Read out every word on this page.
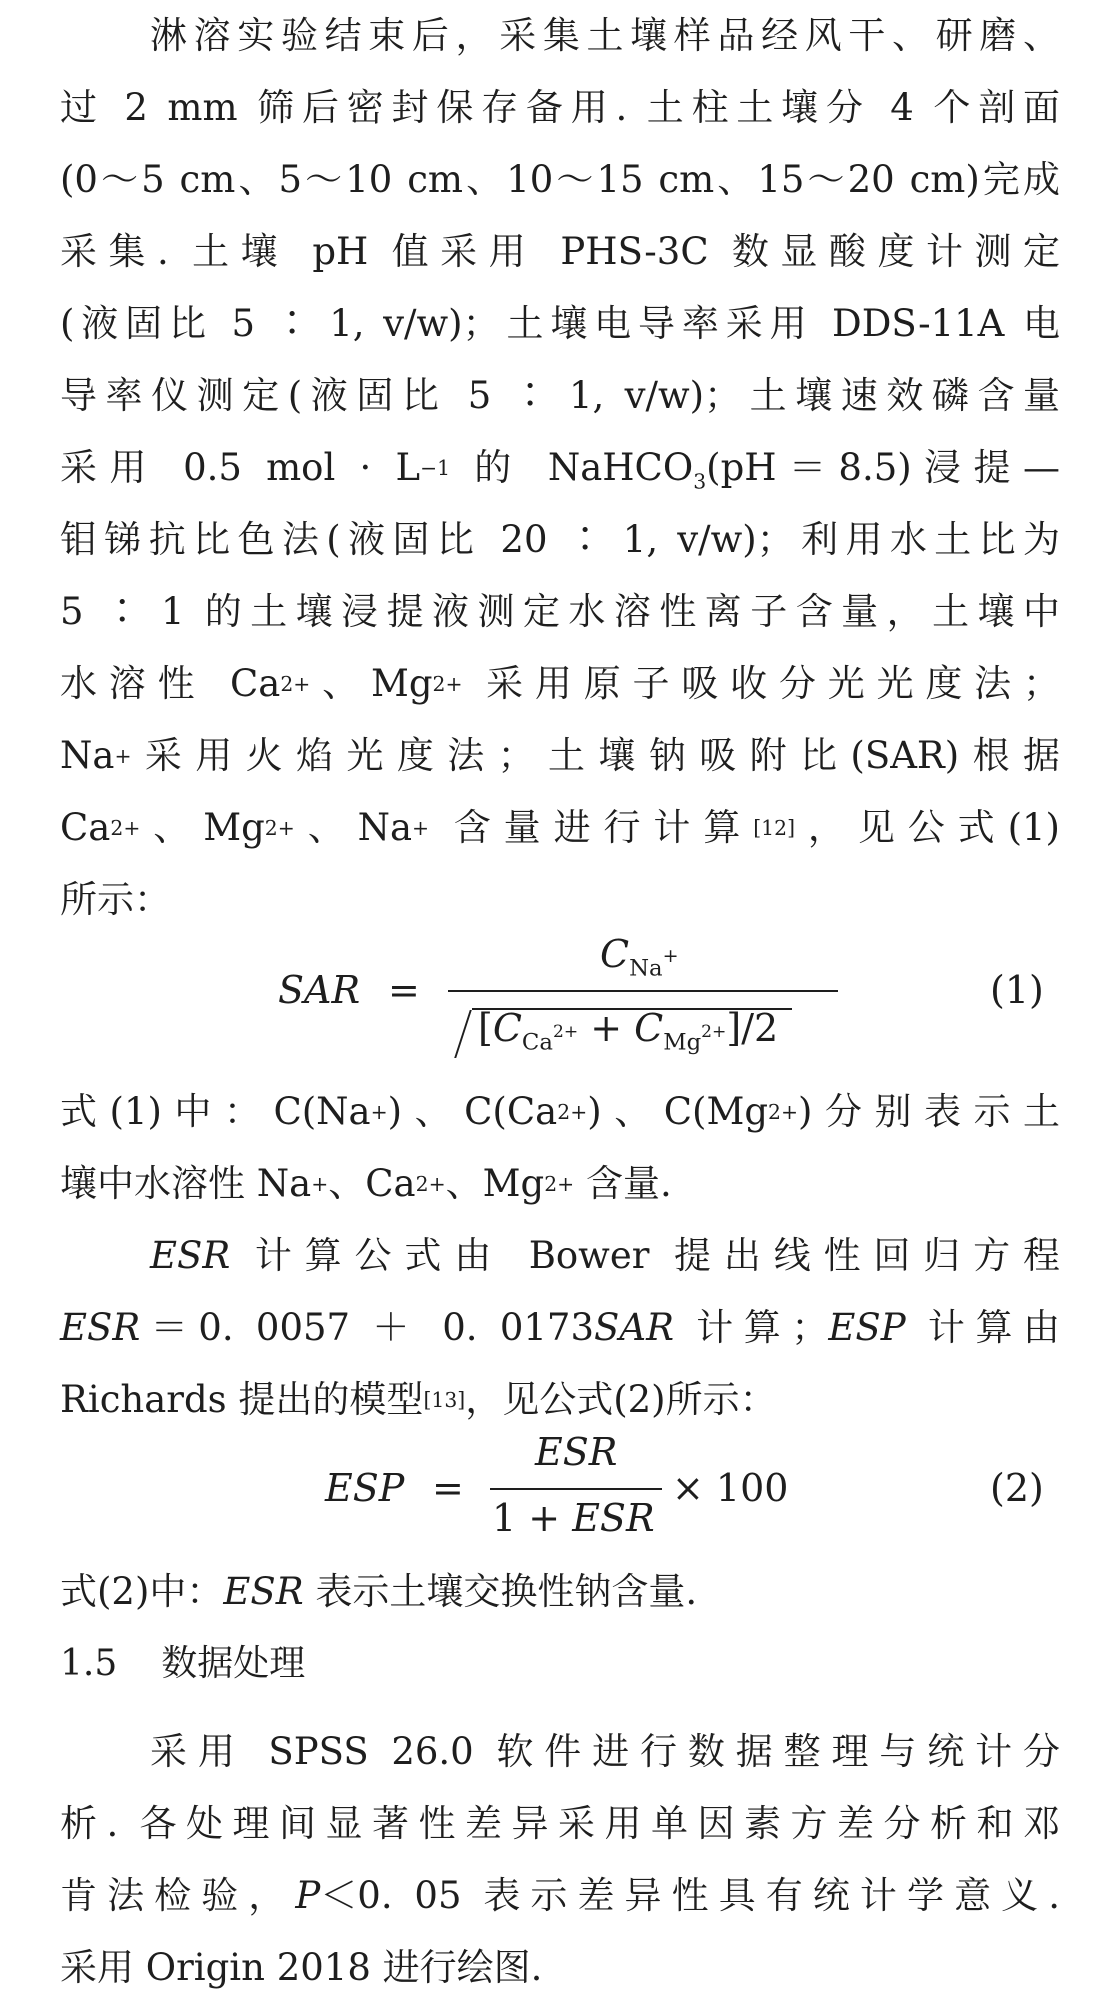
淋溶实验结束后，采集土壤样品经风干、研磨、
过 2 mm 筛后密封保存备用. 土柱土壤分 4 个剖面
(0～5 cm、5～10 cm、10～15 cm、15～20 cm)完成
采集. 土壤 pH 值采用 PHS-3C 数显酸度计测定
(液固比 5 ∶ 1, v/w)；土壤电导率采用 DDS-11A 电
导率仪测定(液固比 5 ∶ 1, v/w)；土壤速效磷含量
采用 0.5 mol · $L^{-1}$ 的 NaHCO$_3$(pH＝8.5)浸提—
钼锑抗比色法(液固比 20 ∶ 1, v/w)；利用水土比为
5 ∶ 1 的土壤浸提液测定水溶性离子含量，土壤中
水溶性 $Ca^{2+}$、$Mg^{2+}$ 采用原子吸收分光光度法；
Na+采用火焰光度法；土壤钠吸附比(SAR)根据
$Ca^{2+}$、$Mg^{2+}$、Na+ 含量进行计算[12]，见公式(1)
所示：
SAR =
$C_{Na}^+$
$[C_{Ca}^{2+} + C_{Mg}^{2+}]/2$
(1)
式(1)中：C(Na+)、$C(Ca^{2+})$、$C(Mg^{2+})$分别表示土
壤中水溶性 Na+、$Ca^{2+}$、$Mg^{2+}$ 含量.
ESR 计算公式由 Bower 提出线性回归方程
ESR＝0. 0057 ＋ 0. 0173SAR 计算；ESP 计算由
Richards 提出的模型[13]，见公式(2)所示：
ESP =
ESR
1 + ESR
× 100	(2)
式(2)中：ESR 表示土壤交换性钠含量.
1.5 数据处理
采用 SPSS 26.0 软件进行数据整理与统计分
析. 各处理间显著性差异采用单因素方差分析和邓
肯法检验，P＜0. 05 表示差异性具有统计学意义.
采用 Origin 2018 进行绘图.
